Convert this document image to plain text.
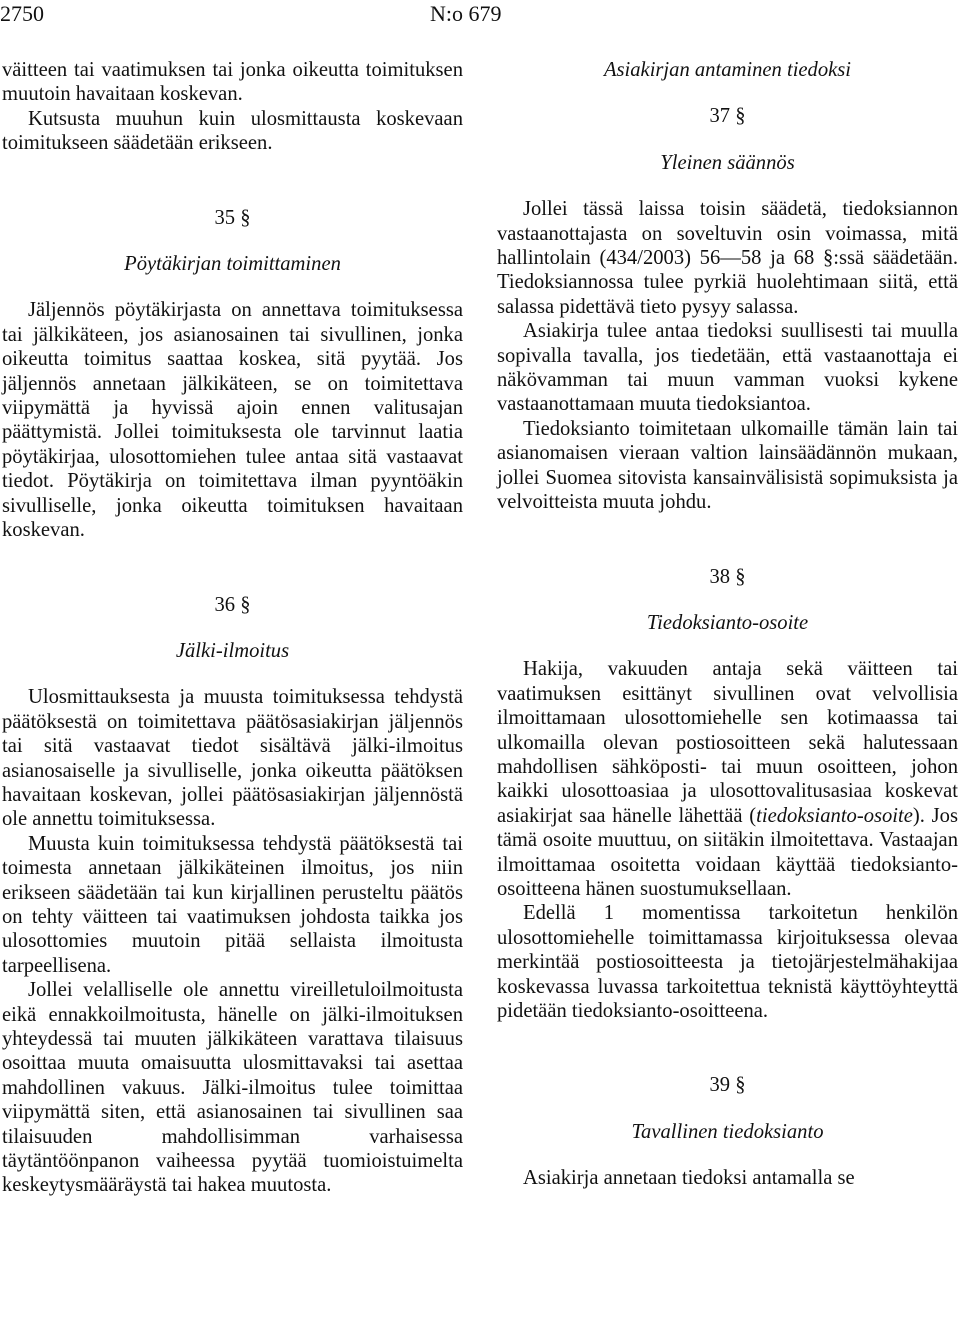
2750	N:o 679

väitteen tai vaatimuksen tai jonka oikeutta toimituksen muutoin havaitaan koskevan.

Kutsusta muuhun kuin ulosmittausta koskevaan toimitukseen säädetään erikseen.

35 §

Pöytäkirjan toimittaminen

Jäljennös pöytäkirjasta on annettava toimituksessa tai jälkikäteen, jos asianosainen tai sivullinen, jonka oikeutta toimitus saattaa koskea, sitä pyytää. Jos jäljennös annetaan jälkikäteen, se on toimitettava viipymättä ja hyvissä ajoin ennen valitusajan päättymistä. Jollei toimituksesta ole tarvinnut laatia pöytäkirjaa, ulosottomiehen tulee antaa sitä vastaavat tiedot. Pöytäkirja on toimitettava ilman pyyntöäkin sivulliselle, jonka oikeutta toimituksen havaitaan koskevan.

36 §

Jälki-ilmoitus

Ulosmittauksesta ja muusta toimituksessa tehdystä päätöksestä on toimitettava päätösasiakirjan jäljennös tai sitä vastaavat tiedot sisältävä jälki-ilmoitus asianosaiselle ja sivulliselle, jonka oikeutta päätöksen havaitaan koskevan, jollei päätösasiakirjan jäljennöstä ole annettu toimituksessa.

Muusta kuin toimituksessa tehdystä päätöksestä tai toimesta annetaan jälkikäteinen ilmoitus, jos niin erikseen säädetään tai kun kirjallinen perusteltu päätös on tehty väitteen tai vaatimuksen johdosta taikka jos ulosottomies muutoin pitää sellaista ilmoitusta tarpeellisena.

Jollei velalliselle ole annettu vireilletuloilmoitusta eikä ennakkoilmoitusta, hänelle on jälki-ilmoituksen yhteydessä tai muuten jälkikäteen varattava tilaisuus osoittaa muuta omaisuutta ulosmittavaksi tai asettaa mahdollinen vakuus. Jälki-ilmoitus tulee toimittaa viipymättä siten, että asianosainen tai sivullinen saa tilaisuuden mahdollisimman varhaisessa täytäntöönpanon vaiheessa pyytää tuomioistuimelta keskeytysmääräystä tai hakea muutosta.

Asiakirjan antaminen tiedoksi

37 §

Yleinen säännös

Jollei tässä laissa toisin säädetä, tiedoksiannon vastaanottajasta on soveltuvin osin voimassa, mitä hallintolain (434/2003) 56—58 ja 68 §:ssä säädetään. Tiedoksiannossa tulee pyrkiä huolehtimaan siitä, että salassa pidettävä tieto pysyy salassa.

Asiakirja tulee antaa tiedoksi suullisesti tai muulla sopivalla tavalla, jos tiedetään, että vastaanottaja ei näkövamman tai muun vamman vuoksi kykene vastaanottamaan muuta tiedoksiantoa.

Tiedoksianto toimitetaan ulkomaille tämän lain tai asianomaisen vieraan valtion lainsäädännön mukaan, jollei Suomea sitovista kansainvälisistä sopimuksista ja velvoitteista muuta johdu.

38 §

Tiedoksianto-osoite

Hakija, vakuuden antaja sekä väitteen tai vaatimuksen esittänyt sivullinen ovat velvollisia ilmoittamaan ulosottomiehelle sen kotimaassa tai ulkomailla olevan postiosoitteen sekä halutessaan mahdollisen sähköposti- tai muun osoitteen, johon kaikki ulosottoasiaa ja ulosottovalitusasiaa koskevat asiakirjat saa hänelle lähettää (tiedoksianto-osoite). Jos tämä osoite muuttuu, on siitäkin ilmoitettava. Vastaajan ilmoittamaa osoitetta voidaan käyttää tiedoksianto-osoitteena hänen suostumuksellaan.

Edellä 1 momentissa tarkoitetun henkilön ulosottomiehelle toimittamassa kirjoituksessa olevaa merkintää postiosoitteesta ja tietojärjestelmähakijaa koskevassa luvassa tarkoitettua teknistä käyttöyhteyttä pidetään tiedoksianto-osoitteena.

39 §

Tavallinen tiedoksianto

Asiakirja annetaan tiedoksi antamalla se
